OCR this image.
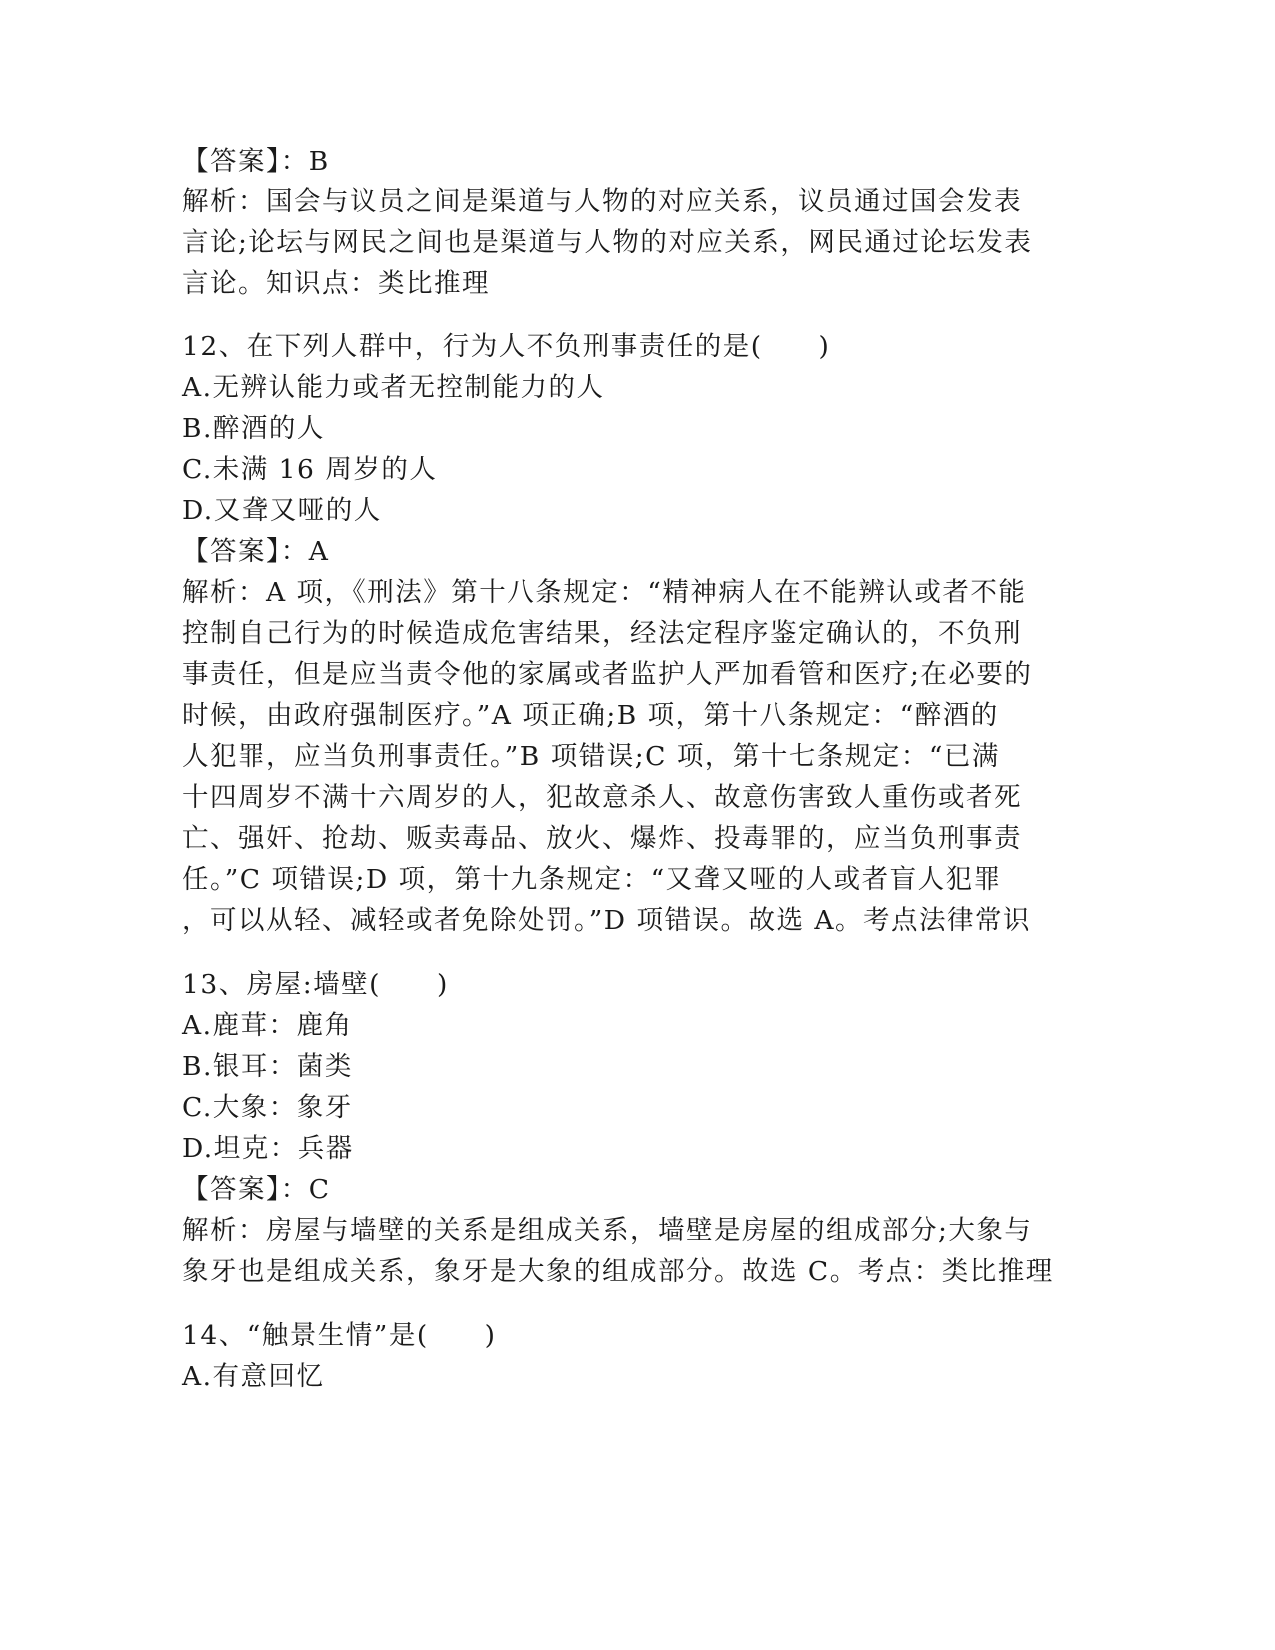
【答案】：B
解析：国会与议员之间是渠道与人物的对应关系，议员通过国会发表
言论;论坛与网民之间也是渠道与人物的对应关系，网民通过论坛发表
言论。知识点：类比推理
12、在下列人群中，行为人不负刑事责任的是(　　)
A.无辨认能力或者无控制能力的人
B.醉酒的人
C.未满 16 周岁的人
D.又聋又哑的人
【答案】：A
解析：A 项，《刑法》第十八条规定：“精神病人在不能辨认或者不能
控制自己行为的时候造成危害结果，经法定程序鉴定确认的，不负刑
事责任，但是应当责令他的家属或者监护人严加看管和医疗;在必要的
时候，由政府强制医疗。”A 项正确;B 项，第十八条规定：“醉酒的
人犯罪，应当负刑事责任。”B 项错误;C 项，第十七条规定：“已满
十四周岁不满十六周岁的人，犯故意杀人、故意伤害致人重伤或者死
亡、强奸、抢劫、贩卖毒品、放火、爆炸、投毒罪的，应当负刑事责
任。”C 项错误;D 项，第十九条规定：“又聋又哑的人或者盲人犯罪
，可以从轻、减轻或者免除处罚。”D 项错误。故选 A。考点法律常识
13、房屋:墙壁(　　)
A.鹿茸：鹿角
B.银耳：菌类
C.大象：象牙
D.坦克：兵器
【答案】：C
解析：房屋与墙壁的关系是组成关系，墙壁是房屋的组成部分;大象与
象牙也是组成关系，象牙是大象的组成部分。故选 C。考点：类比推理
14、“触景生情”是(　　)
A.有意回忆
